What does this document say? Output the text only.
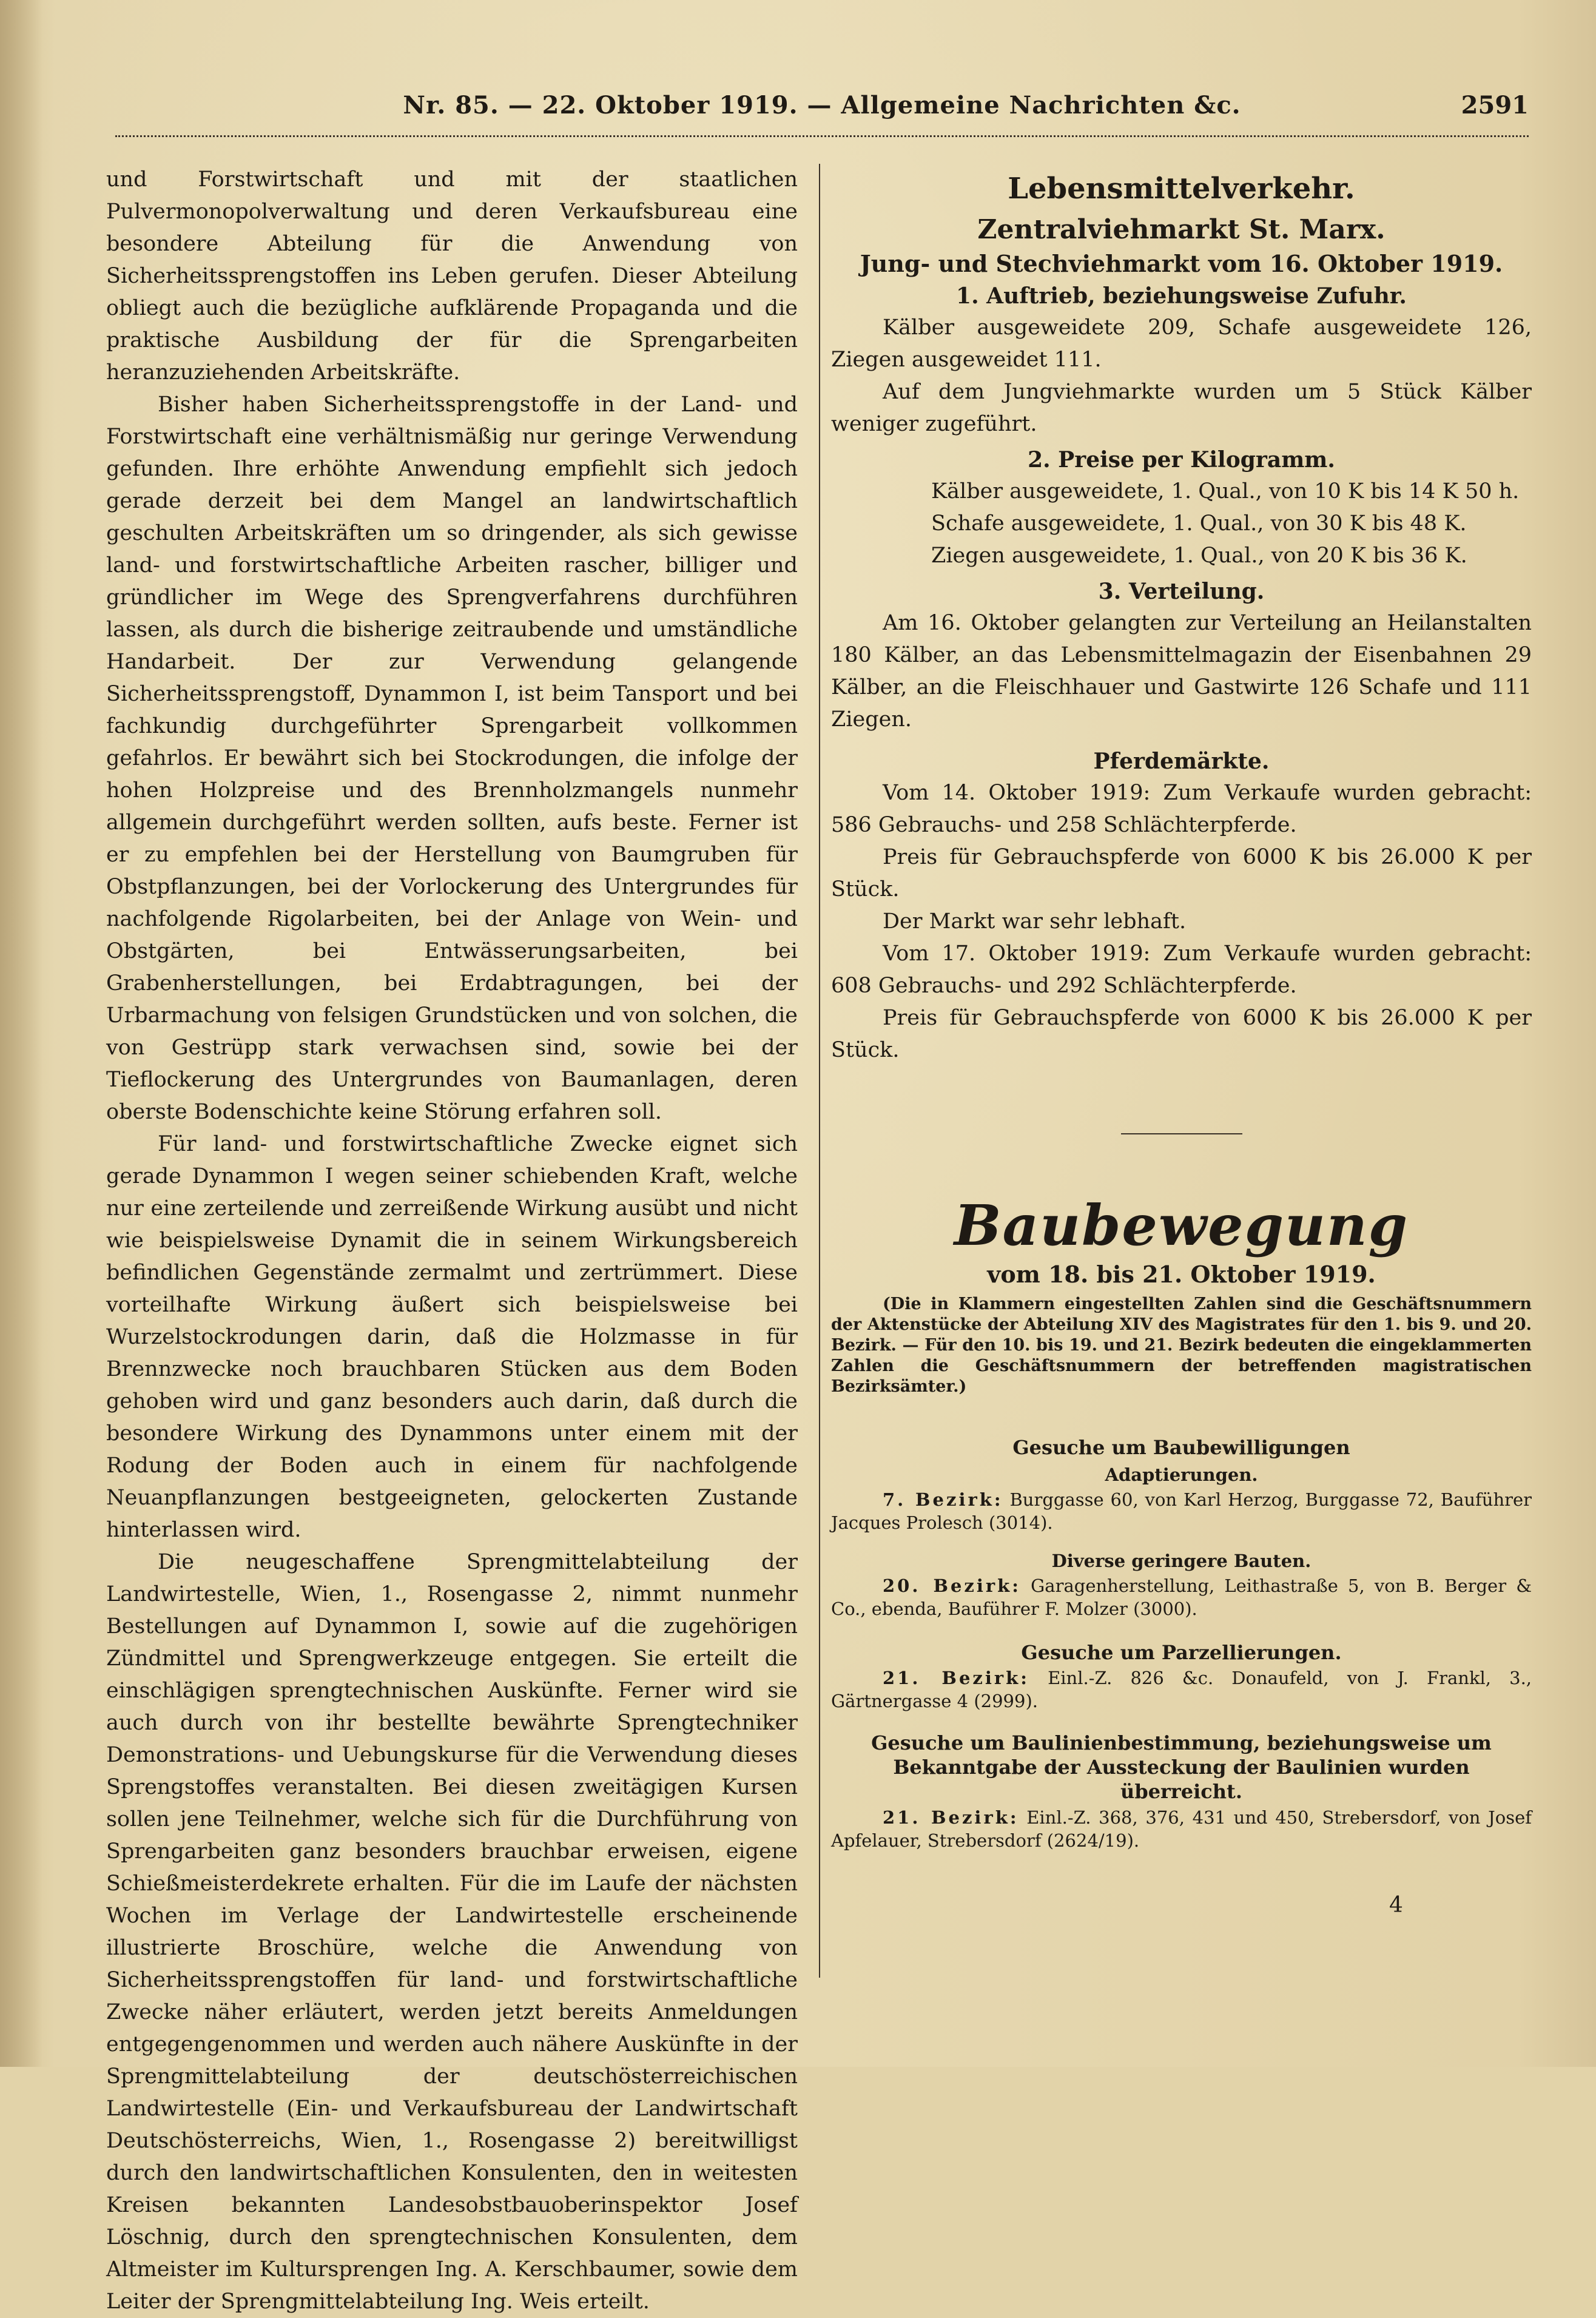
Nr. 85. — 22. Oktober 1919. — Allgemeine Nachrichten &c.	2591

und Forstwirtschaft und mit der staatlichen Pulvermonopolverwaltung und deren Verkaufsbureau eine besondere Abteilung für die Anwendung von Sicherheitssprengstoffen ins Leben gerufen. Dieser Abteilung obliegt auch die bezügliche aufklärende Propaganda und die praktische Ausbildung der für die Sprengarbeiten heranzuziehenden Arbeitskräfte.

Bisher haben Sicherheitssprengstoffe in der Land- und Forstwirtschaft eine verhältnismäßig nur geringe Verwendung gefunden. Ihre erhöhte Anwendung empfiehlt sich jedoch gerade derzeit bei dem Mangel an landwirtschaftlich geschulten Arbeitskräften um so dringender, als sich gewisse land- und forstwirtschaftliche Arbeiten rascher, billiger und gründlicher im Wege des Sprengverfahrens durchführen lassen, als durch die bisherige zeitraubende und umständliche Handarbeit. Der zur Verwendung gelangende Sicherheitssprengstoff, Dynammon I, ist beim Tansport und bei fachkundig durchgeführter Sprengarbeit vollkommen gefahrlos. Er bewährt sich bei Stockrodungen, die infolge der hohen Holzpreise und des Brennholzmangels nunmehr allgemein durchgeführt werden sollten, aufs beste. Ferner ist er zu empfehlen bei der Herstellung von Baumgruben für Obstpflanzungen, bei der Vorlockerung des Untergrundes für nachfolgende Rigolarbeiten, bei der Anlage von Wein- und Obstgärten, bei Entwässerungsarbeiten, bei Grabenherstellungen, bei Erdabtragungen, bei der Urbarmachung von felsigen Grundstücken und von solchen, die von Gestrüpp stark verwachsen sind, sowie bei der Tieflockerung des Untergrundes von Baumanlagen, deren oberste Bodenschichte keine Störung erfahren soll.

Für land- und forstwirtschaftliche Zwecke eignet sich gerade Dynammon I wegen seiner schiebenden Kraft, welche nur eine zerteilende und zerreißende Wirkung ausübt und nicht wie beispielsweise Dynamit die in seinem Wirkungsbereich befindlichen Gegenstände zermalmt und zertrümmert. Diese vorteilhafte Wirkung äußert sich beispielsweise bei Wurzelstockrodungen darin, daß die Holzmasse in für Brennzwecke noch brauchbaren Stücken aus dem Boden gehoben wird und ganz besonders auch darin, daß durch die besondere Wirkung des Dynammons unter einem mit der Rodung der Boden auch in einem für nachfolgende Neuanpflanzungen bestgeeigneten, gelockerten Zustande hinterlassen wird.

Die neugeschaffene Sprengmittelabteilung der Landwirtestelle, Wien, 1., Rosengasse 2, nimmt nunmehr Bestellungen auf Dynammon I, sowie auf die zugehörigen Zündmittel und Sprengwerkzeuge entgegen. Sie erteilt die einschlägigen sprengtechnischen Auskünfte. Ferner wird sie auch durch von ihr bestellte bewährte Sprengtechniker Demonstrations- und Uebungskurse für die Verwendung dieses Sprengstoffes veranstalten. Bei diesen zweitägigen Kursen sollen jene Teilnehmer, welche sich für die Durchführung von Sprengarbeiten ganz besonders brauchbar erweisen, eigene Schießmeisterdekrete erhalten. Für die im Laufe der nächsten Wochen im Verlage der Landwirtestelle erscheinende illustrierte Broschüre, welche die Anwendung von Sicherheitssprengstoffen für land- und forstwirtschaftliche Zwecke näher erläutert, werden jetzt bereits Anmeldungen entgegengenommen und werden auch nähere Auskünfte in der Sprengmittelabteilung der deutschösterreichischen Landwirtestelle (Ein- und Verkaufsbureau der Landwirtschaft Deutschösterreichs, Wien, 1., Rosengasse 2) bereitwilligst durch den landwirtschaftlichen Konsulenten, den in weitesten Kreisen bekannten Landesobstbauoberinspektor Josef Löschnig, durch den sprengtechnischen Konsulenten, dem Altmeister im Kultursprengen Ing. A. Kerschbaumer, sowie dem Leiter der Sprengmittelabteilung Ing. Weis erteilt.

Lebensmittelverkehr.
Zentralviehmarkt St. Marx.
Jung- und Stechviehmarkt vom 16. Oktober 1919.
1. Auftrieb, beziehungsweise Zufuhr.

Kälber ausgeweidete 209, Schafe ausgeweidete 126, Ziegen ausgeweidet 111.

Auf dem Jungviehmarkte wurden um 5 Stück Kälber weniger zugeführt.

2. Preise per Kilogramm.

Kälber ausgeweidete, 1. Qual., von 10 K bis 14 K 50 h.

Schafe ausgeweidete, 1. Qual., von 30 K bis 48 K.

Ziegen ausgeweidete, 1. Qual., von 20 K bis 36 K.

3. Verteilung.

Am 16. Oktober gelangten zur Verteilung an Heilanstalten 180 Kälber, an das Lebensmittelmagazin der Eisenbahnen 29 Kälber, an die Fleischhauer und Gastwirte 126 Schafe und 111 Ziegen.

Pferdemärkte.

Vom 14. Oktober 1919: Zum Verkaufe wurden gebracht: 586 Gebrauchs- und 258 Schlächterpferde.

Preis für Gebrauchspferde von 6000 K bis 26.000 K per Stück.

Der Markt war sehr lebhaft.

Vom 17. Oktober 1919: Zum Verkaufe wurden gebracht: 608 Gebrauchs- und 292 Schlächterpferde.

Preis für Gebrauchspferde von 6000 K bis 26.000 K per Stück.

Baubewegung
vom 18. bis 21. Oktober 1919.

(Die in Klammern eingestellten Zahlen sind die Geschäftsnummern der Aktenstücke der Abteilung XIV des Magistrates für den 1. bis 9. und 20. Bezirk. — Für den 10. bis 19. und 21. Bezirk bedeuten die eingeklammerten Zahlen die Geschäftsnummern der betreffenden magistratischen Bezirksämter.)

Gesuche um Baubewilligungen
Adaptierungen.

7. Bezirk: Burggasse 60, von Karl Herzog, Burggasse 72, Bauführer Jacques Prolesch (3014).

Diverse geringere Bauten.

20. Bezirk: Garagenherstellung, Leithastraße 5, von B. Berger & Co., ebenda, Bauführer F. Molzer (3000).

Gesuche um Parzellierungen.

21. Bezirk: Einl.-Z. 826 &c. Donaufeld, von J. Frankl, 3., Gärtnergasse 4 (2999).

Gesuche um Baulinienbestimmung, beziehungsweise um Bekanntgabe der Aussteckung der Baulinien wurden überreicht.

21. Bezirk: Einl.-Z. 368, 376, 431 und 450, Strebersdorf, von Josef Apfelauer, Strebersdorf (2624/19).

4
